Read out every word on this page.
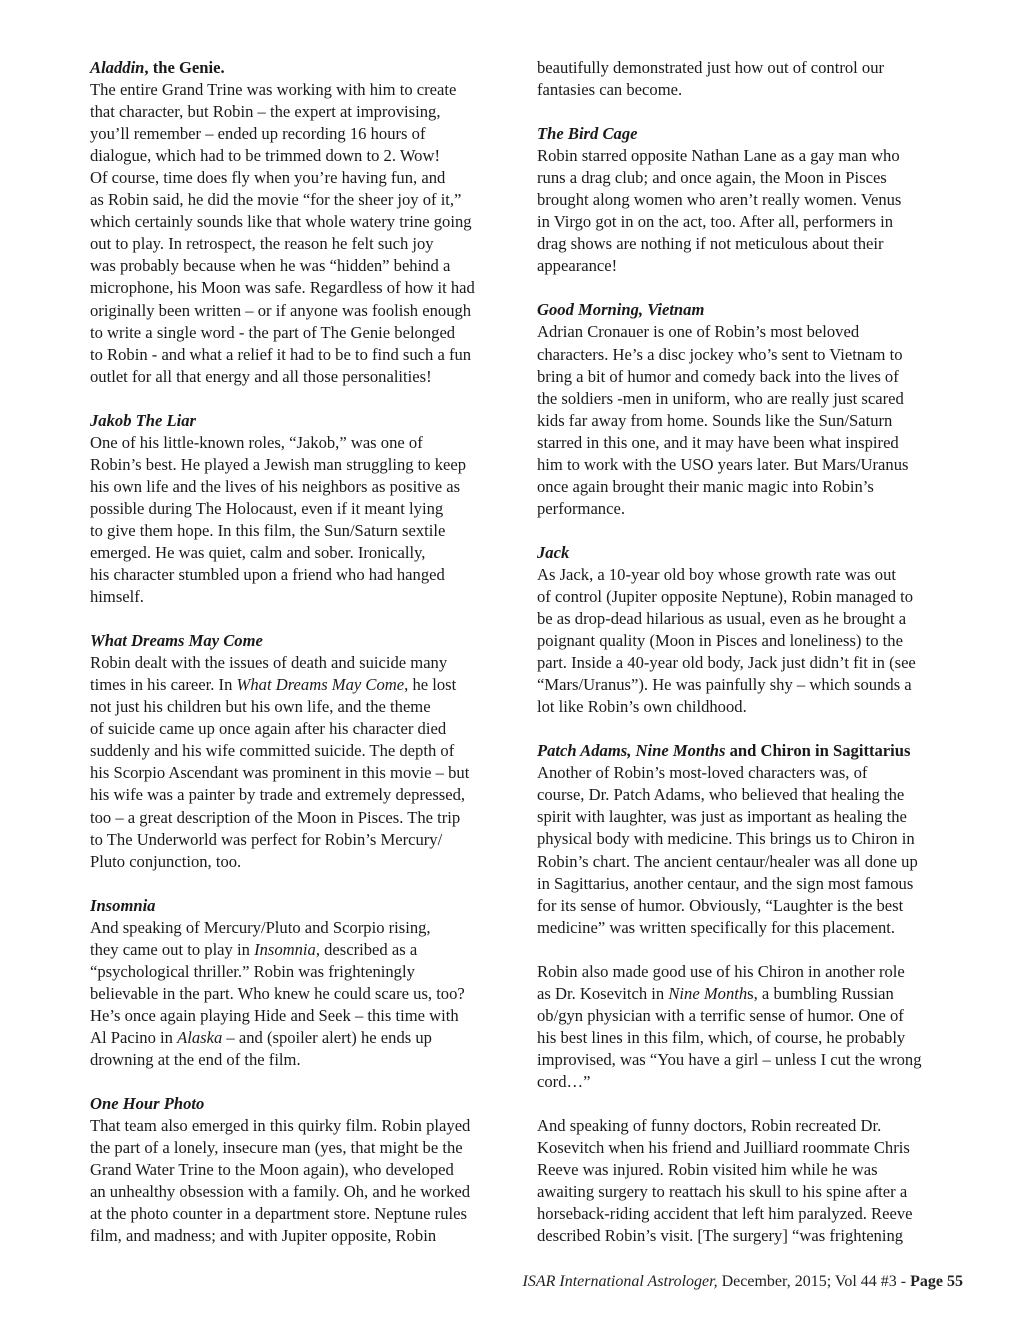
Aladdin, the Genie.
The entire Grand Trine was working with him to create
that character, but Robin – the expert at improvising,
you’ll remember – ended up recording 16 hours of
dialogue, which had to be trimmed down to 2. Wow!
Of course, time does fly when you’re having fun, and
as Robin said, he did the movie “for the sheer joy of it,”
which certainly sounds like that whole watery trine going
out to play. In retrospect, the reason he felt such joy
was probably because when he was “hidden” behind a
microphone, his Moon was safe. Regardless of how it had
originally been written – or if anyone was foolish enough
to write a single word - the part of The Genie belonged
to Robin - and what a relief it had to be to find such a fun
outlet for all that energy and all those personalities!
Jakob The Liar
One of his little-known roles, “Jakob,” was one of
Robin’s best. He played a Jewish man struggling to keep
his own life and the lives of his neighbors as positive as
possible during The Holocaust, even if it meant lying
to give them hope. In this film, the Sun/Saturn sextile
emerged. He was quiet, calm and sober. Ironically,
his character stumbled upon a friend who had hanged
himself.
What Dreams May Come
Robin dealt with the issues of death and suicide many
times in his career. In What Dreams May Come, he lost
not just his children but his own life, and the theme
of suicide came up once again after his character died
suddenly and his wife committed suicide. The depth of
his Scorpio Ascendant was prominent in this movie – but
his wife was a painter by trade and extremely depressed,
too – a great description of the Moon in Pisces. The trip
to The Underworld was perfect for Robin’s Mercury/
Pluto conjunction, too.
Insomnia
And speaking of Mercury/Pluto and Scorpio rising,
they came out to play in Insomnia, described as a
“psychological thriller.” Robin was frighteningly
believable in the part. Who knew he could scare us, too?
He’s once again playing Hide and Seek – this time with
Al Pacino in Alaska – and (spoiler alert) he ends up
drowning at the end of the film.
One Hour Photo
That team also emerged in this quirky film. Robin played
the part of a lonely, insecure man (yes, that might be the
Grand Water Trine to the Moon again), who developed
an unhealthy obsession with a family. Oh, and he worked
at the photo counter in a department store. Neptune rules
film, and madness; and with Jupiter opposite, Robin
beautifully demonstrated just how out of control our
fantasies can become.
The Bird Cage
Robin starred opposite Nathan Lane as a gay man who
runs a drag club; and once again, the Moon in Pisces
brought along women who aren’t really women. Venus
in Virgo got in on the act, too. After all, performers in
drag shows are nothing if not meticulous about their
appearance!
Good Morning, Vietnam
Adrian Cronauer is one of Robin’s most beloved
characters. He’s a disc jockey who’s sent to Vietnam to
bring a bit of humor and comedy back into the lives of
the soldiers -men in uniform, who are really just scared
kids far away from home. Sounds like the Sun/Saturn
starred in this one, and it may have been what inspired
him to work with the USO years later. But Mars/Uranus
once again brought their manic magic into Robin’s
performance.
Jack
As Jack, a 10-year old boy whose growth rate was out
of control (Jupiter opposite Neptune), Robin managed to
be as drop-dead hilarious as usual, even as he brought a
poignant quality (Moon in Pisces and loneliness) to the
part. Inside a 40-year old body, Jack just didn’t fit in (see
“Mars/Uranus”). He was painfully shy – which sounds a
lot like Robin’s own childhood.
Patch Adams, Nine Months and Chiron in Sagittarius
Another of Robin’s most-loved characters was, of
course, Dr. Patch Adams, who believed that healing the
spirit with laughter, was just as important as healing the
physical body with medicine. This brings us to Chiron in
Robin’s chart. The ancient centaur/healer was all done up
in Sagittarius, another centaur, and the sign most famous
for its sense of humor. Obviously, “Laughter is the best
medicine” was written specifically for this placement.
Robin also made good use of his Chiron in another role
as Dr. Kosevitch in Nine Months, a bumbling Russian
ob/gyn physician with a terrific sense of humor. One of
his best lines in this film, which, of course, he probably
improvised, was “You have a girl – unless I cut the wrong
cord…”
And speaking of funny doctors, Robin recreated Dr.
Kosevitch when his friend and Juilliard roommate Chris
Reeve was injured. Robin visited him while he was
awaiting surgery to reattach his skull to his spine after a
horseback-riding accident that left him paralyzed. Reeve
described Robin’s visit. [The surgery] “was frightening
ISAR International Astrologer, December, 2015; Vol 44 #3 - Page 55
